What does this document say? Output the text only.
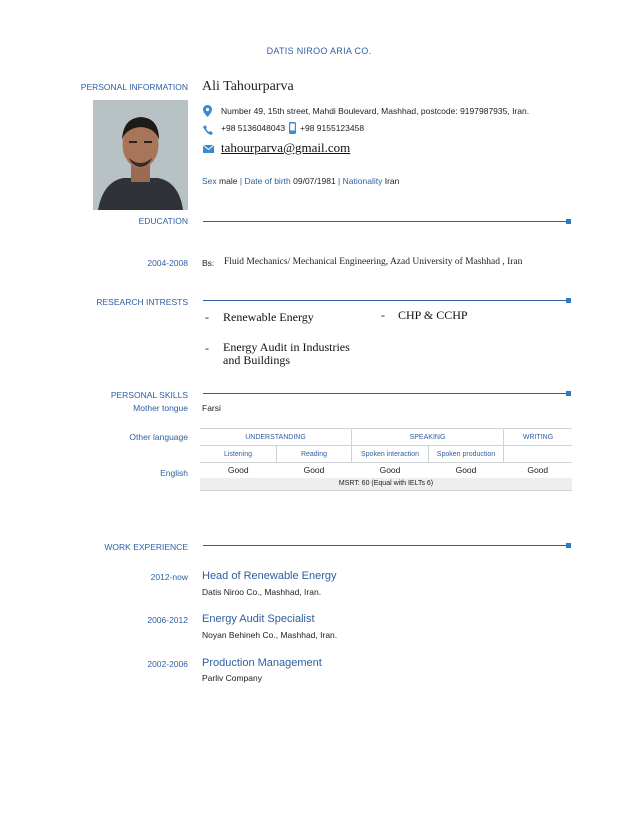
DATIS NIROO ARIA CO.
PERSONAL INFORMATION Ali Tahourparva
Number 49, 15th street, Mahdi Boulevard, Mashhad, postcode: 9197987935, Iran.
+98 5136048043 +98 9155123458
tahourparva@gmail.com
Sex male | Date of birth 09/07/1981 | Nationality Iran
EDUCATION
2004-2008 Bs: Fluid Mechanics/ Mechanical Engineering, Azad University of Mashhad , Iran
RESEARCH INTRESTS
- Renewable Energy	- CHP & CCHP
- Energy Audit in Industries and Buildings
PERSONAL SKILLS
Mother tongue Farsi
Other language
English
UNDERSTANDING		SPEAKING		WRITING
Listening	Reading	Spoken interaction	Spoken production	
Good	Good	Good	Good	Good
MSRT: 60 (Equal with IELTs 6)				
WORK EXPERIENCE
2012-now Head of Renewable Energy
Datis Niroo Co., Mashhad, Iran.
2006-2012 Energy Audit Specialist
Noyan Behineh Co., Mashhad, Iran.
2002-2006 Production Management
Parliv Company
